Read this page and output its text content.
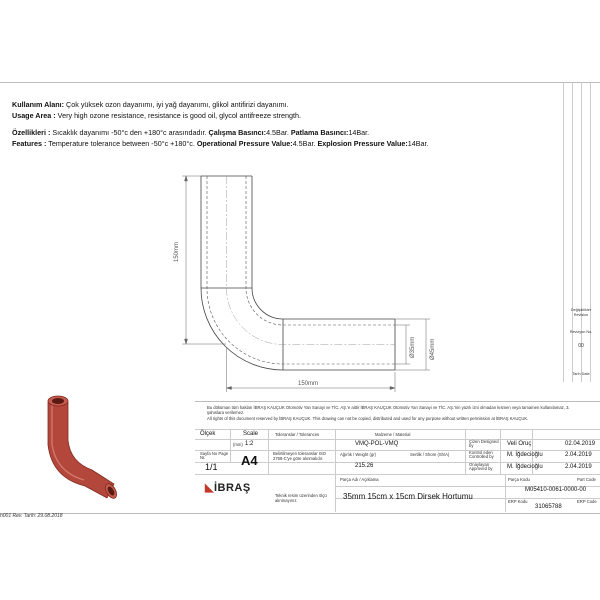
Kullanım Alanı: Çok yüksek ozon dayanımı, iyi yağ dayanımı, glikol antifirizi dayanımı.
Usage Area : Very high ozone resistance, resistance is good oil, glycol antifreeze strength.
Özellikleri : Sıcaklık dayanımı -50°c den +180°c arasındadır. Çalışma Basıncı:4.5Bar. Patlama Basıncı:14Bar.
Features : Temperature tolerance between -50°c +180°c. Operational Pressure Value:4.5Bar. Explosion Pressure Value:14Bar.
150mm
150mm
Ø35mm Ø45mm
Değişiklikler Revision
Revizyon No.
00
Tarih Date
Bu döküman tüm hakları İBRAŞ KAUÇUK Otomotiv Yan Sanayi ve TİC. AŞ.'e aittir İBRAŞ KAUÇUK Otomotiv Yan Sanayi ve TİC. AŞ.'nin yazılı izni olmadan kısmen veya tamamen kullanılamaz, 3. şahıslara verilemez.
All rights of this document reserved by İBRAŞ KAUÇUK. This drawing can not be copied, distributed and used for any purpose without written permission at İBRAŞ KAUÇUK.
Ölçek
(mm)
Scale
1:2
Toleranslar / Tolerances	Malzeme / Material
VMQ-POL-VMQ	Çizen Designed by	Veli Oruç	02.04.2019
Sayfa No Page Nr.
1/1 A4	Belirtilmeyen toleranslar ISO 2768-C'ye göre alınmalıdır.
Ağırlık / Weight (gr)
215.26
Sertlik / Shore (Sh/A)	Kontrol eden Controlled by	M. İğdecioğlu	2.04.2019
Onaylayan Approved by	M. İğdecioğlu	2.04.2019
Parça Adı / Açıklama	Parça Kodu	Part Code
M05410-0061-0000-00
35mm 15cm x 15cm Dirsek Hortumu
ERP Kodu	ERP Code
31065788
Teknik resim üzerinden ölçü alınmayınız.
◣İBRAŞ
h001 Rev. Tarih: 29.08.2018
